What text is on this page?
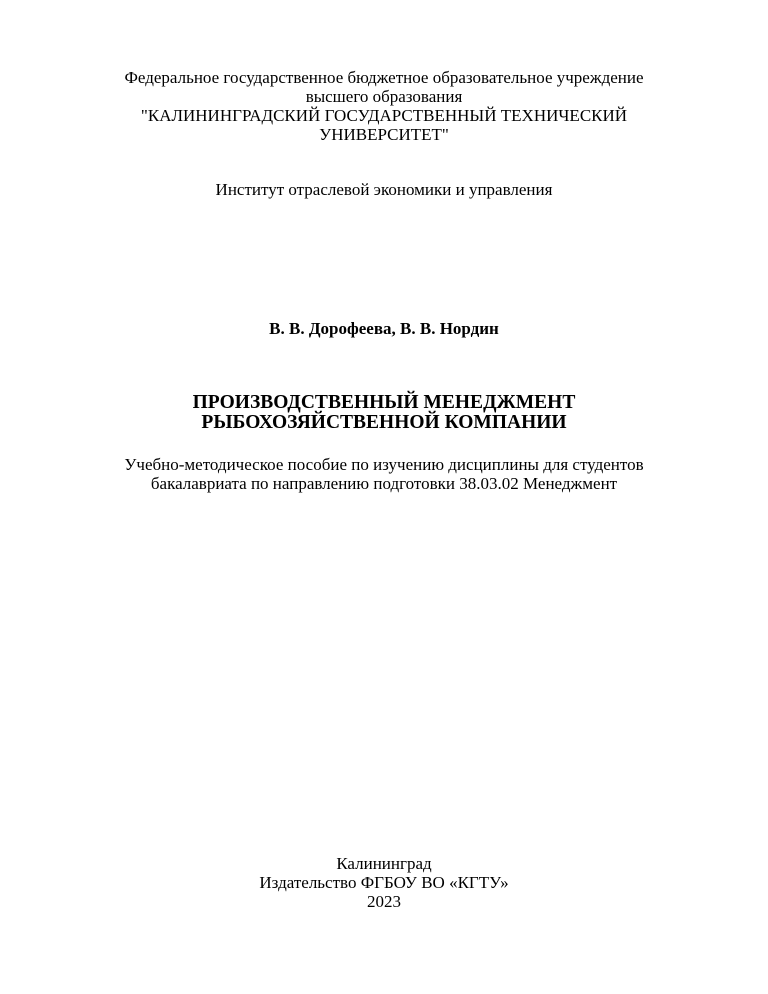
Федеральное государственное бюджетное образовательное учреждение
высшего образования
"КАЛИНИНГРАДСКИЙ ГОСУДАРСТВЕННЫЙ ТЕХНИЧЕСКИЙ
УНИВЕРСИТЕТ"
Институт отраслевой экономики и управления
В. В. Дорофеева, В. В. Нордин
ПРОИЗВОДСТВЕННЫЙ МЕНЕДЖМЕНТ
РЫБОХОЗЯЙСТВЕННОЙ КОМПАНИИ
Учебно-методическое пособие по изучению дисциплины для студентов
бакалавриата по направлению подготовки 38.03.02 Менеджмент
Калининград
Издательство ФГБОУ ВО «КГТУ»
2023
